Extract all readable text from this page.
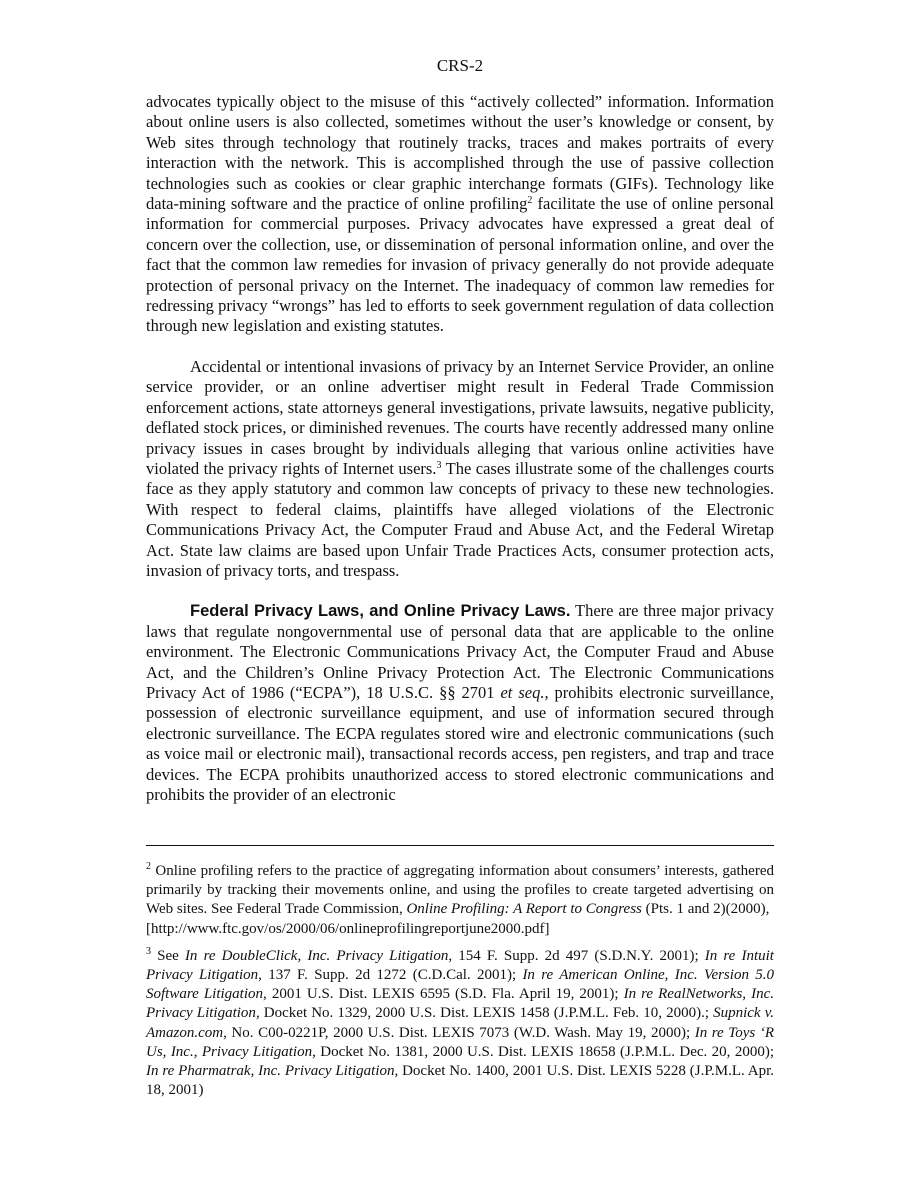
CRS-2

advocates typically object to the misuse of this “actively collected” information. Information about online users is also collected, sometimes without the user’s knowledge or consent, by Web sites through technology that routinely tracks, traces and makes portraits of every interaction with the network. This is accomplished through the use of passive collection technologies such as cookies or clear graphic interchange formats (GIFs). Technology like data-mining software and the practice of online profiling$^2$ facilitate the use of online personal information for commercial purposes. Privacy advocates have expressed a great deal of concern over the collection, use, or dissemination of personal information online, and over the fact that the common law remedies for invasion of privacy generally do not provide adequate protection of personal privacy on the Internet. The inadequacy of common law remedies for redressing privacy “wrongs” has led to efforts to seek government regulation of data collection through new legislation and existing statutes.

Accidental or intentional invasions of privacy by an Internet Service Provider, an online service provider, or an online advertiser might result in Federal Trade Commission enforcement actions, state attorneys general investigations, private lawsuits, negative publicity, deflated stock prices, or diminished revenues. The courts have recently addressed many online privacy issues in cases brought by individuals alleging that various online activities have violated the privacy rights of Internet users.$^3$ The cases illustrate some of the challenges courts face as they apply statutory and common law concepts of privacy to these new technologies. With respect to federal claims, plaintiffs have alleged violations of the Electronic Communications Privacy Act, the Computer Fraud and Abuse Act, and the Federal Wiretap Act. State law claims are based upon Unfair Trade Practices Acts, consumer protection acts, invasion of privacy torts, and trespass.

Federal Privacy Laws, and Online Privacy Laws. There are three major privacy laws that regulate nongovernmental use of personal data that are applicable to the online environment. The Electronic Communications Privacy Act, the Computer Fraud and Abuse Act, and the Children’s Online Privacy Protection Act. The Electronic Communications Privacy Act of 1986 (“ECPA”), 18 U.S.C. §§ 2701 et seq., prohibits electronic surveillance, possession of electronic surveillance equipment, and use of information secured through electronic surveillance. The ECPA regulates stored wire and electronic communications (such as voice mail or electronic mail), transactional records access, pen registers, and trap and trace devices. The ECPA prohibits unauthorized access to stored electronic communications and prohibits the provider of an electronic

$^2$ Online profiling refers to the practice of aggregating information about consumers’ interests, gathered primarily by tracking their movements online, and using the profiles to create targeted advertising on Web sites. See Federal Trade Commission, Online Profiling: A Report to Congress (Pts. 1 and 2)(2000),
[http://www.ftc.gov/os/2000/06/onlineprofilingreportjune2000.pdf]
$^3$ See In re DoubleClick, Inc. Privacy Litigation, 154 F. Supp. 2d 497 (S.D.N.Y. 2001); In re Intuit Privacy Litigation, 137 F. Supp. 2d 1272 (C.D.Cal. 2001); In re American Online, Inc. Version 5.0 Software Litigation, 2001 U.S. Dist. LEXIS 6595 (S.D. Fla. April 19, 2001); In re RealNetworks, Inc. Privacy Litigation, Docket No. 1329, 2000 U.S. Dist. LEXIS 1458 (J.P.M.L. Feb. 10, 2000).; Supnick v. Amazon.com, No. C00-0221P, 2000 U.S. Dist. LEXIS 7073 (W.D. Wash. May 19, 2000); In re Toys ‘R Us, Inc., Privacy Litigation, Docket No. 1381, 2000 U.S. Dist. LEXIS 18658 (J.P.M.L. Dec. 20, 2000); In re Pharmatrak, Inc. Privacy Litigation, Docket No. 1400, 2001 U.S. Dist. LEXIS 5228 (J.P.M.L. Apr. 18, 2001)
